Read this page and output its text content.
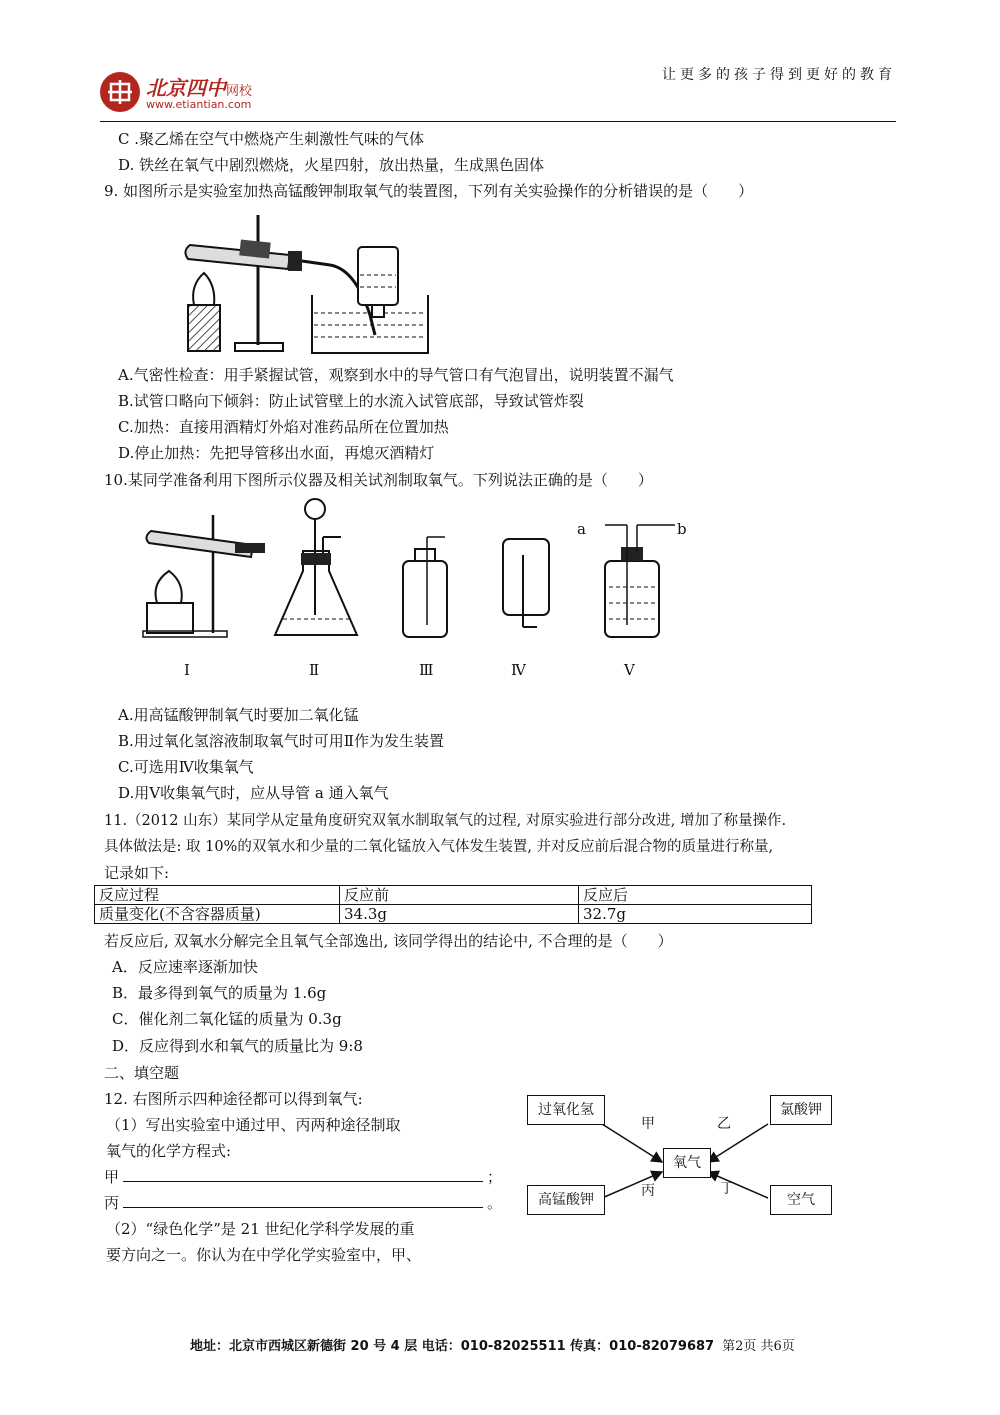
北京四中网校
www.etiantian.com
让更多的孩子得到更好的教育
C .聚乙烯在空气中燃烧产生刺激性气味的气体
D. 铁丝在氧气中剧烈燃烧，火星四射，放出热量，生成黑色固体
9. 如图所示是实验室加热高锰酸钾制取氧气的装置图，下列有关实验操作的分析错误的是（　　）
A.气密性检查：用手紧握试管，观察到水中的导气管口有气泡冒出，说明装置不漏气
B.试管口略向下倾斜：防止试管壁上的水流入试管底部，导致试管炸裂
C.加热：直接用酒精灯外焰对准药品所在位置加热
D.停止加热：先把导管移出水面，再熄灭酒精灯
10.某同学准备利用下图所示仪器及相关试剂制取氧气。下列说法正确的是（　　）
a	b
Ⅰ	Ⅱ	Ⅲ	Ⅳ	Ⅴ
A.用高锰酸钾制氧气时要加二氧化锰
B.用过氧化氢溶液制取氧气时可用Ⅱ作为发生装置
C.可选用Ⅳ收集氧气
D.用Ⅴ收集氧气时，应从导管 a 通入氧气
11.（2012 山东）某同学从定量角度研究双氧水制取氧气的过程, 对原实验进行部分改进, 增加了称量操作.
具体做法是: 取 10%的双氧水和少量的二氧化锰放入气体发生装置, 并对反应前后混合物的质量进行称量,
记录如下:
反应过程	反应前	反应后
质量变化(不含容器质量)	34.3g	32.7g
若反应后, 双氧水分解完全且氧气全部逸出, 该同学得出的结论中, 不合理的是（　　）
A．反应速率逐渐加快
B．最多得到氧气的质量为 1.6g
C．催化剂二氧化锰的质量为 0.3g
D．反应得到水和氧气的质量比为 9:8
二、填空题
12. 右图所示四种途径都可以得到氧气:
（1）写出实验室中通过甲、丙两种途径制取
氧气的化学方程式:
甲	；
丙	。
（2）“绿色化学”是 21 世纪化学科学发展的重
要方向之一。你认为在中学化学实验室中，甲、
过氧化氢	氯酸钾
高锰酸钾	空气
氧气
甲	乙
丙	丁
地址：北京市西城区新德街 20 号 4 层 电话：010-82025511 传真：010-82079687 第2页 共6页
